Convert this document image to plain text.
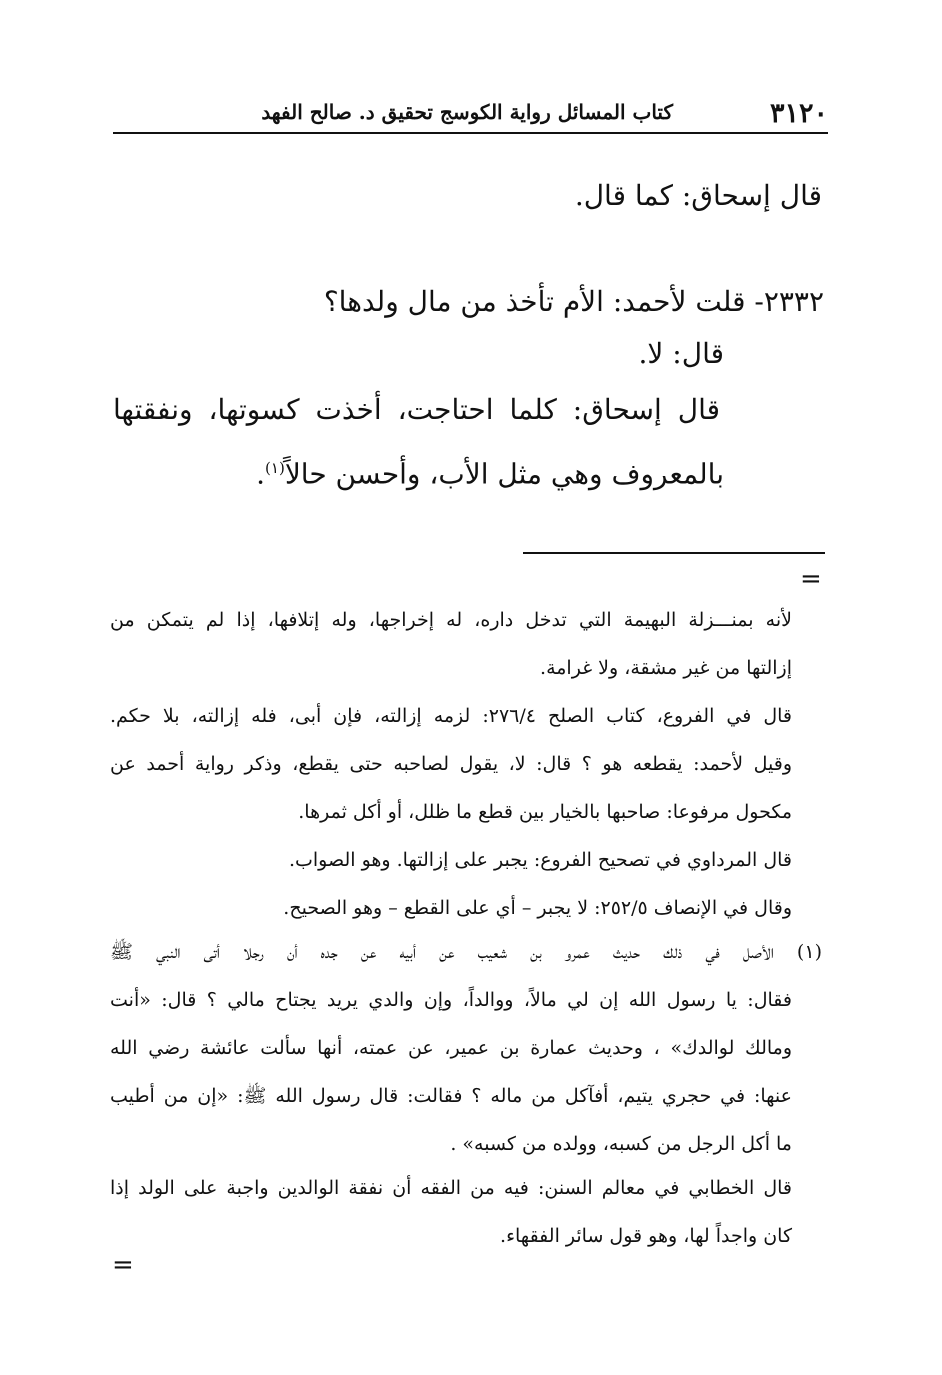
٣١٢٠
كتاب المسائل رواية الكوسج تحقيق د. صالح الفهد
قال إسحاق: كما قال.
٢٣٣٢- قلت لأحمد: الأم تأخذ من مال ولدها؟
قال: لا.
قال إسحاق: كلما احتاجت، أخذت كسوتها، ونفقتها
بالمعروف وهي مثل الأب، وأحسن حالاً$^{(١)}$.
=
لأنه بمنـــزلة البهيمة التي تدخل داره، له إخراجها، وله إتلافها، إذا لم يتمكن من
إزالتها من غير مشقة، ولا غرامة.
قال في الفروع، كتاب الصلح ٢٧٦/٤: لزمه إزالته، فإن أبى، فله إزالته، بلا حكم.
وقيل لأحمد: يقطعه هو ؟ قال: لا، يقول لصاحبه حتى يقطع، وذكر رواية أحمد عن
مكحول مرفوعا: صاحبها بالخيار بين قطع ما ظلل، أو أكل ثمرها.
قال المرداوي في تصحيح الفروع: يجبر على إزالتها. وهو الصواب.
وقال في الإنصاف ٢٥٢/٥: لا يجبر – أي على القطع – وهو الصحيح.
(١) الأصل في ذلك حديث عمرو بن شعيب عن أبيه عن جده أن رجلا أتى النبي ﷺ
فقال: يا رسول الله إن لي مالاً، ووالداً، وإن والدي يريد يجتاح مالي ؟ قال: «أنت
ومالك لوالدك» ، وحديث عمارة بن عمير، عن عمته، أنها سألت عائشة رضي الله
عنها: في حجري يتيم، أفآكل من ماله ؟ فقالت: قال رسول الله ﷺ: «إن من أطيب
ما أكل الرجل من كسبه، وولده من كسبه» .
قال الخطابي في معالم السنن: فيه من الفقه أن نفقة الوالدين واجبة على الولد إذا
كان واجداً لها، وهو قول سائر الفقهاء.
=
